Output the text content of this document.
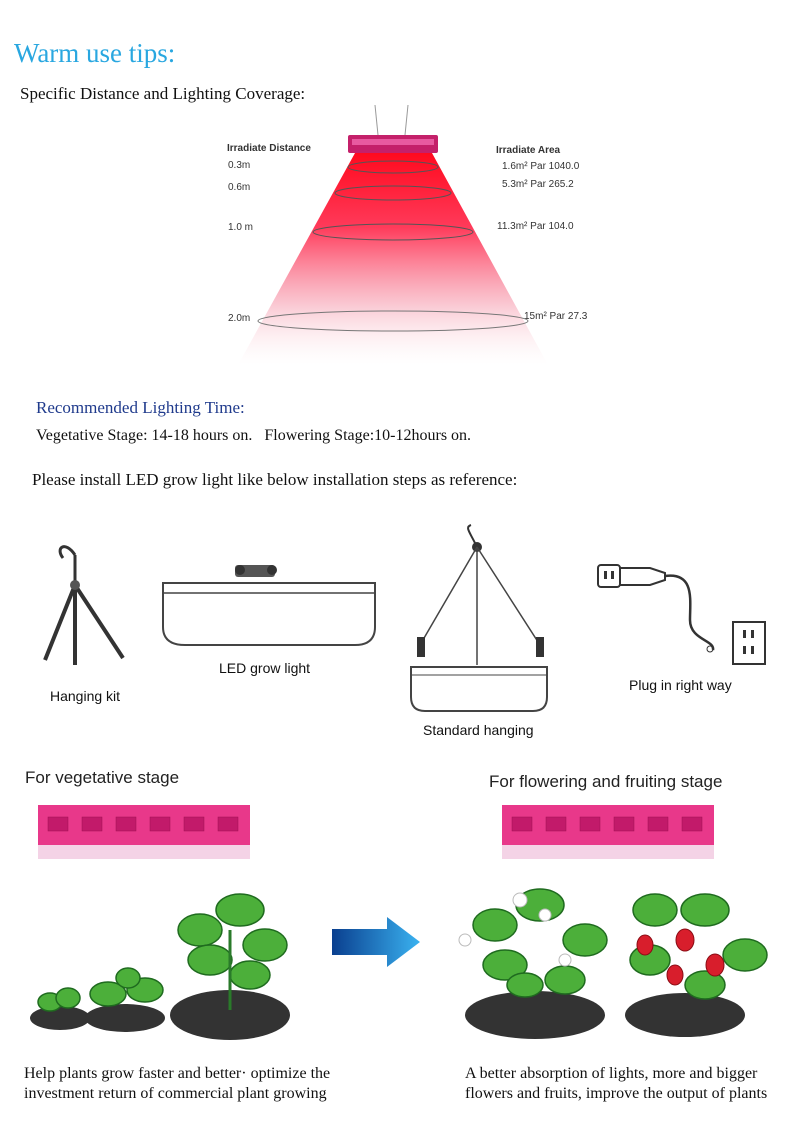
Warm use tips:
Specific Distance and Lighting Coverage:
Irradiate Distance
0.3m
0.6m
1.0 m
2.0m
Irradiate Area
1.6m² Par 1040.0
5.3m² Par 265.2
11.3m² Par 104.0
15m² Par 27.3
Recommended Lighting Time:
Vegetative Stage: 14-18 hours on.   Flowering Stage:10-12hours on.
Please install LED grow light like below installation steps as reference:
Hanging kit
LED grow light
Standard hanging
Plug in right way
For vegetative stage	For flowering and fruiting stage
Help plants grow faster and better· optimize the investment return of commercial plant growing
A better absorption of lights, more and bigger flowers and fruits, improve the output of plants
